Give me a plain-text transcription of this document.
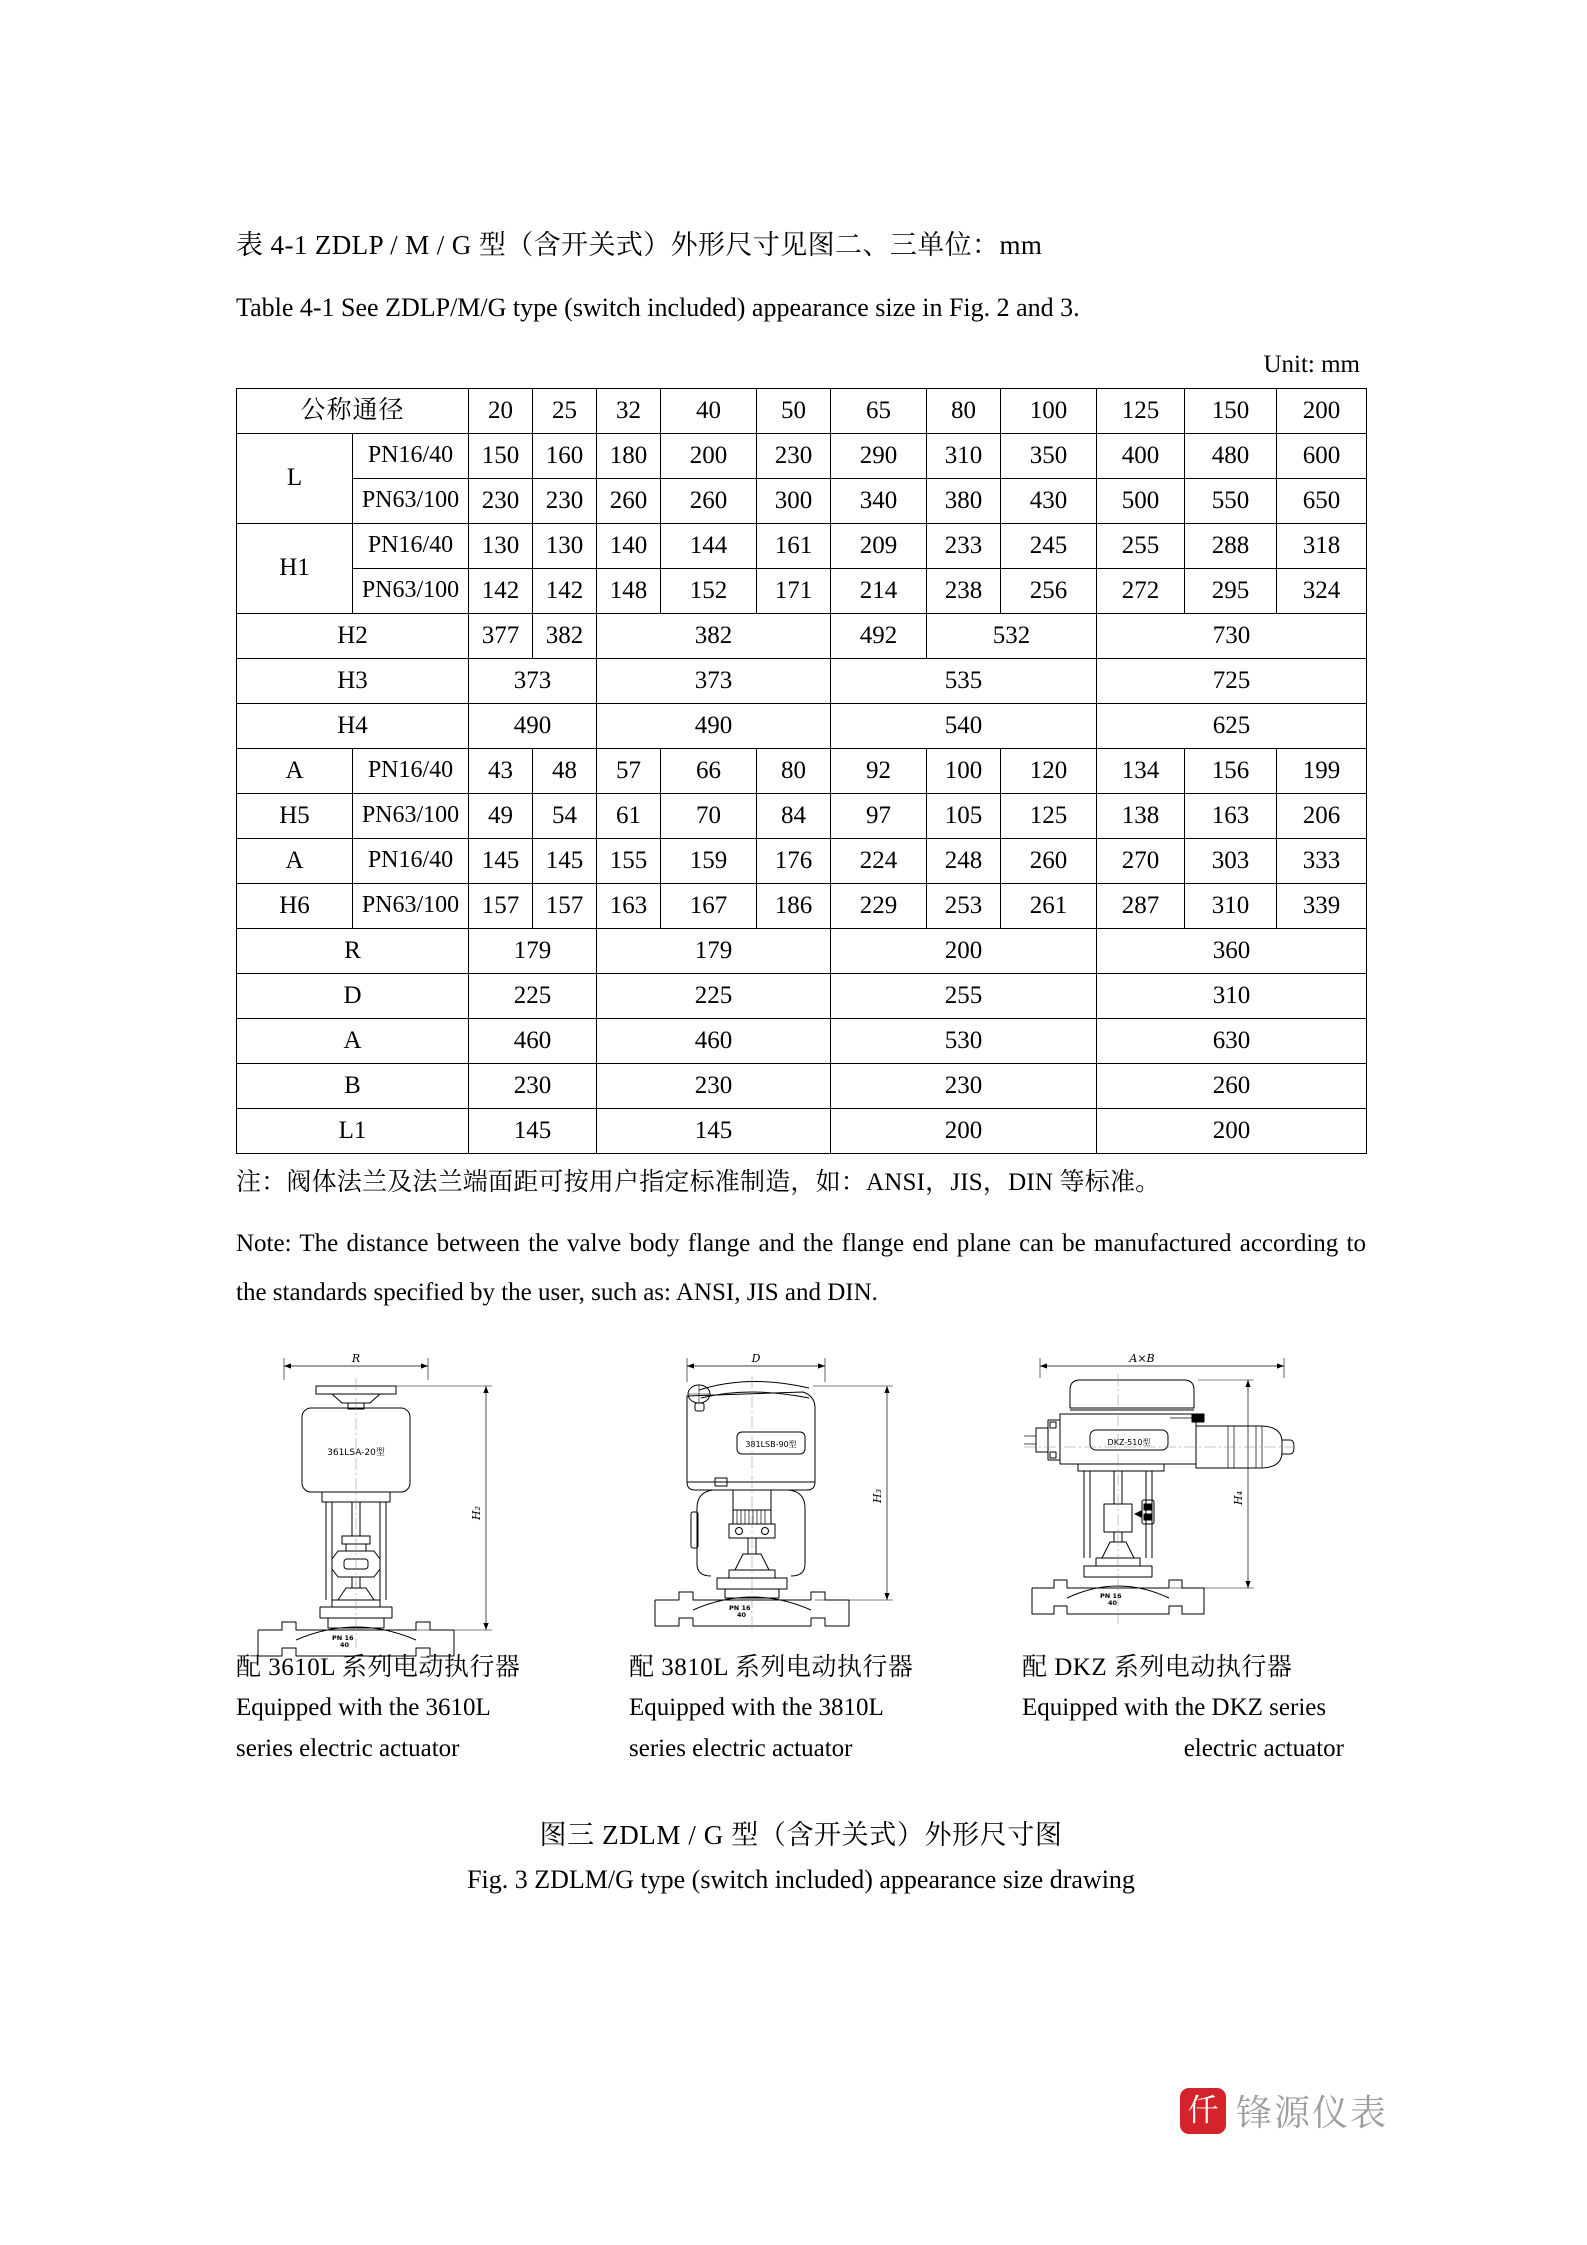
表 4-1 ZDLP / M / G 型（含开关式）外形尺寸见图二、三单位：mm
Table 4-1 See ZDLP/M/G type (switch included) appearance size in Fig. 2 and 3.
Unit: mm
公称通径		20	25	32	40	50	65	80	100	125	150	200
L	PN16/40	150	160	180	200	230	290	310	350	400	480	600
	PN63/100	230	230	260	260	300	340	380	430	500	550	650
H1	PN16/40	130	130	140	144	161	209	233	245	255	288	318
	PN63/100	142	142	148	152	171	214	238	256	272	295	324
H2		377	382	382			492	532		730		
H3		373		373			535			725		
H4		490		490			540			625		
A	PN16/40	43	48	57	66	80	92	100	120	134	156	199
H5	PN63/100	49	54	61	70	84	97	105	125	138	163	206
A	PN16/40	145	145	155	159	176	224	248	260	270	303	333
H6	PN63/100	157	157	163	167	186	229	253	261	287	310	339
R		179		179			200			360		
D		225		225			255			310		
A		460		460			530			630		
B		230		230			230			260		
L1		145		145			200			200		
注：阀体法兰及法兰端面距可按用户指定标准制造，如：ANSI，JIS，DIN 等标准。
Note: The distance between the valve body flange and the flange end plane can be manufactured according to the standards specified by the user, such as: ANSI, JIS and DIN.
361LSA-20型
PN 16
40
H₂
R	D
381LSB-90型
PN 16
40
H₃
A×B
DKZ-510型
PN 16
40
H₄
配 3610L 系列电动执行器
Equipped with the 3610L
series electric actuator
配 3810L 系列电动执行器
Equipped with the 3810L
series electric actuator
配 DKZ 系列电动执行器
Equipped with the DKZ series
electric actuator
图三 ZDLM / G 型（含开关式）外形尺寸图
Fig. 3 ZDLM/G type (switch included) appearance size drawing
仟 锋源仪表
